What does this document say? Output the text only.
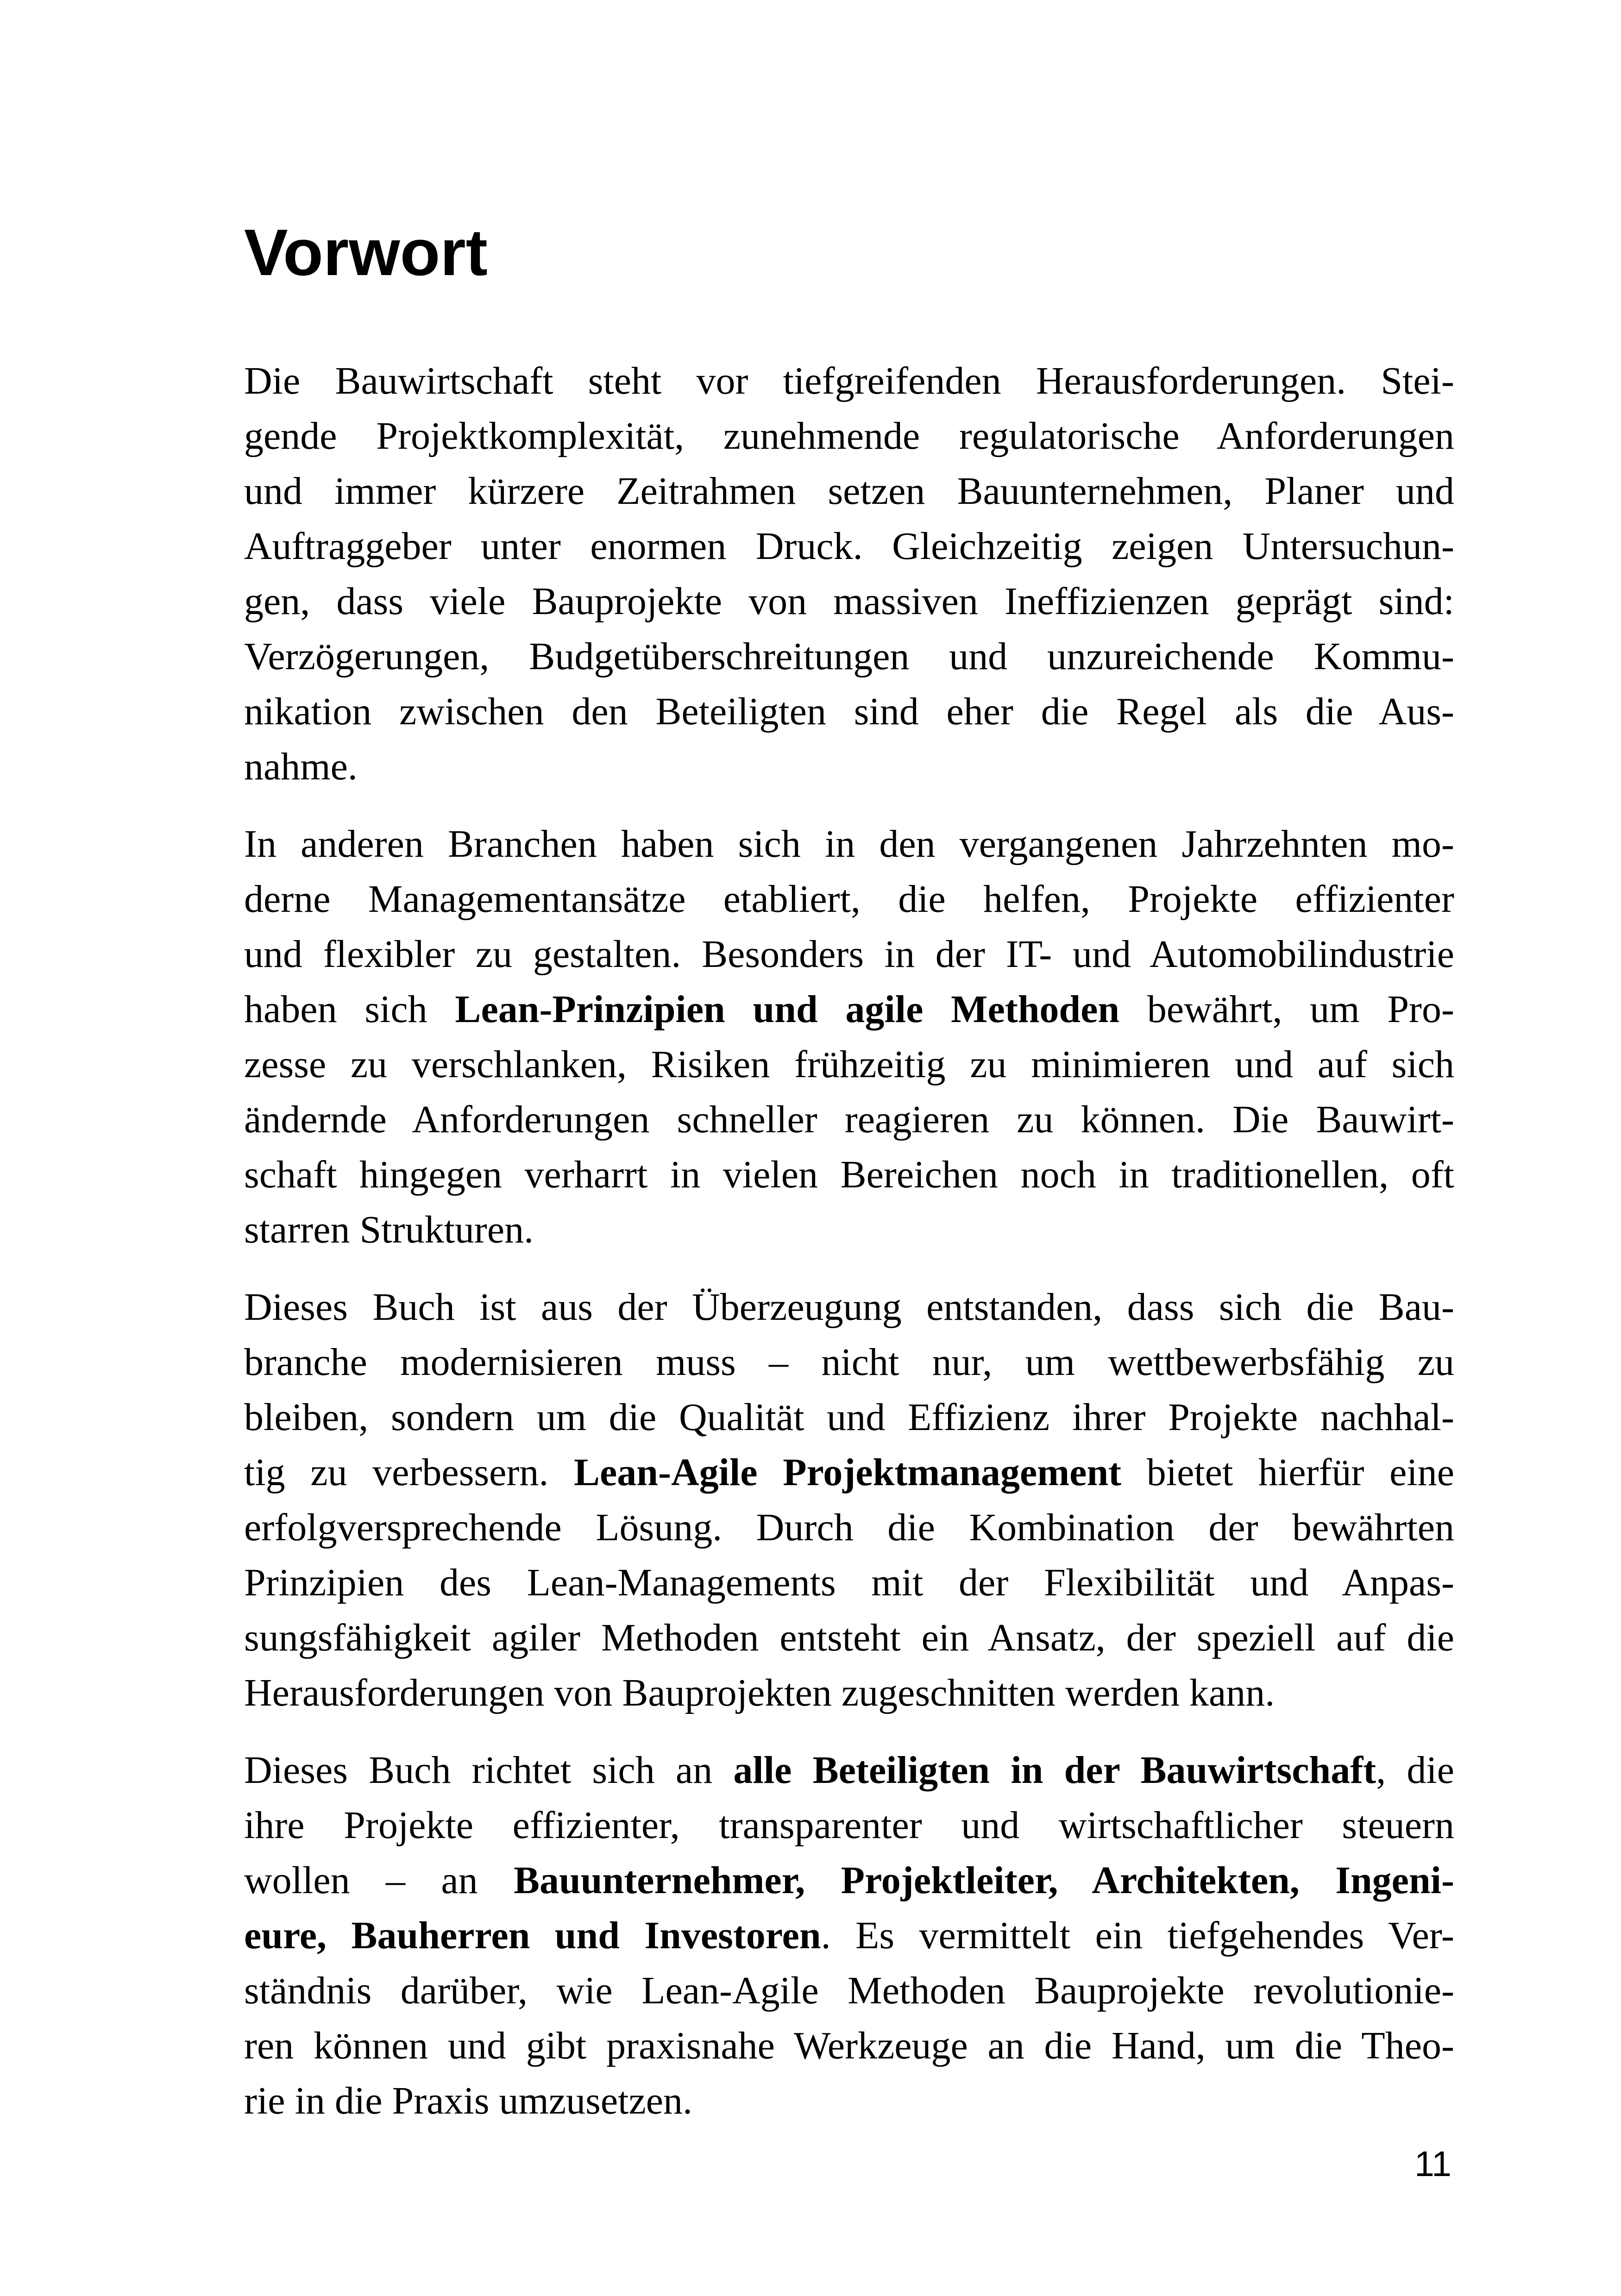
Vorwort
Die Bauwirtschaft steht vor tiefgreifenden Herausforderungen. Stei-
gende Projektkomplexität, zunehmende regulatorische Anforderungen
und immer kürzere Zeitrahmen setzen Bauunternehmen, Planer und
Auftraggeber unter enormen Druck. Gleichzeitig zeigen Untersuchun-
gen, dass viele Bauprojekte von massiven Ineffizienzen geprägt sind:
Verzögerungen, Budgetüberschreitungen und unzureichende Kommu-
nikation zwischen den Beteiligten sind eher die Regel als die Aus-
nahme.
In anderen Branchen haben sich in den vergangenen Jahrzehnten mo-
derne Managementansätze etabliert, die helfen, Projekte effizienter
und flexibler zu gestalten. Besonders in der IT- und Automobilindustrie
haben sich Lean-Prinzipien und agile Methoden bewährt, um Pro-
zesse zu verschlanken, Risiken frühzeitig zu minimieren und auf sich
ändernde Anforderungen schneller reagieren zu können. Die Bauwirt-
schaft hingegen verharrt in vielen Bereichen noch in traditionellen, oft
starren Strukturen.
Dieses Buch ist aus der Überzeugung entstanden, dass sich die Bau-
branche modernisieren muss – nicht nur, um wettbewerbsfähig zu
bleiben, sondern um die Qualität und Effizienz ihrer Projekte nachhal-
tig zu verbessern. Lean-Agile Projektmanagement bietet hierfür eine
erfolgversprechende Lösung. Durch die Kombination der bewährten
Prinzipien des Lean-Managements mit der Flexibilität und Anpas-
sungsfähigkeit agiler Methoden entsteht ein Ansatz, der speziell auf die
Herausforderungen von Bauprojekten zugeschnitten werden kann.
Dieses Buch richtet sich an alle Beteiligten in der Bauwirtschaft, die
ihre Projekte effizienter, transparenter und wirtschaftlicher steuern
wollen – an Bauunternehmer, Projektleiter, Architekten, Ingeni-
eure, Bauherren und Investoren. Es vermittelt ein tiefgehendes Ver-
ständnis darüber, wie Lean-Agile Methoden Bauprojekte revolutionie-
ren können und gibt praxisnahe Werkzeuge an die Hand, um die Theo-
rie in die Praxis umzusetzen.
11
